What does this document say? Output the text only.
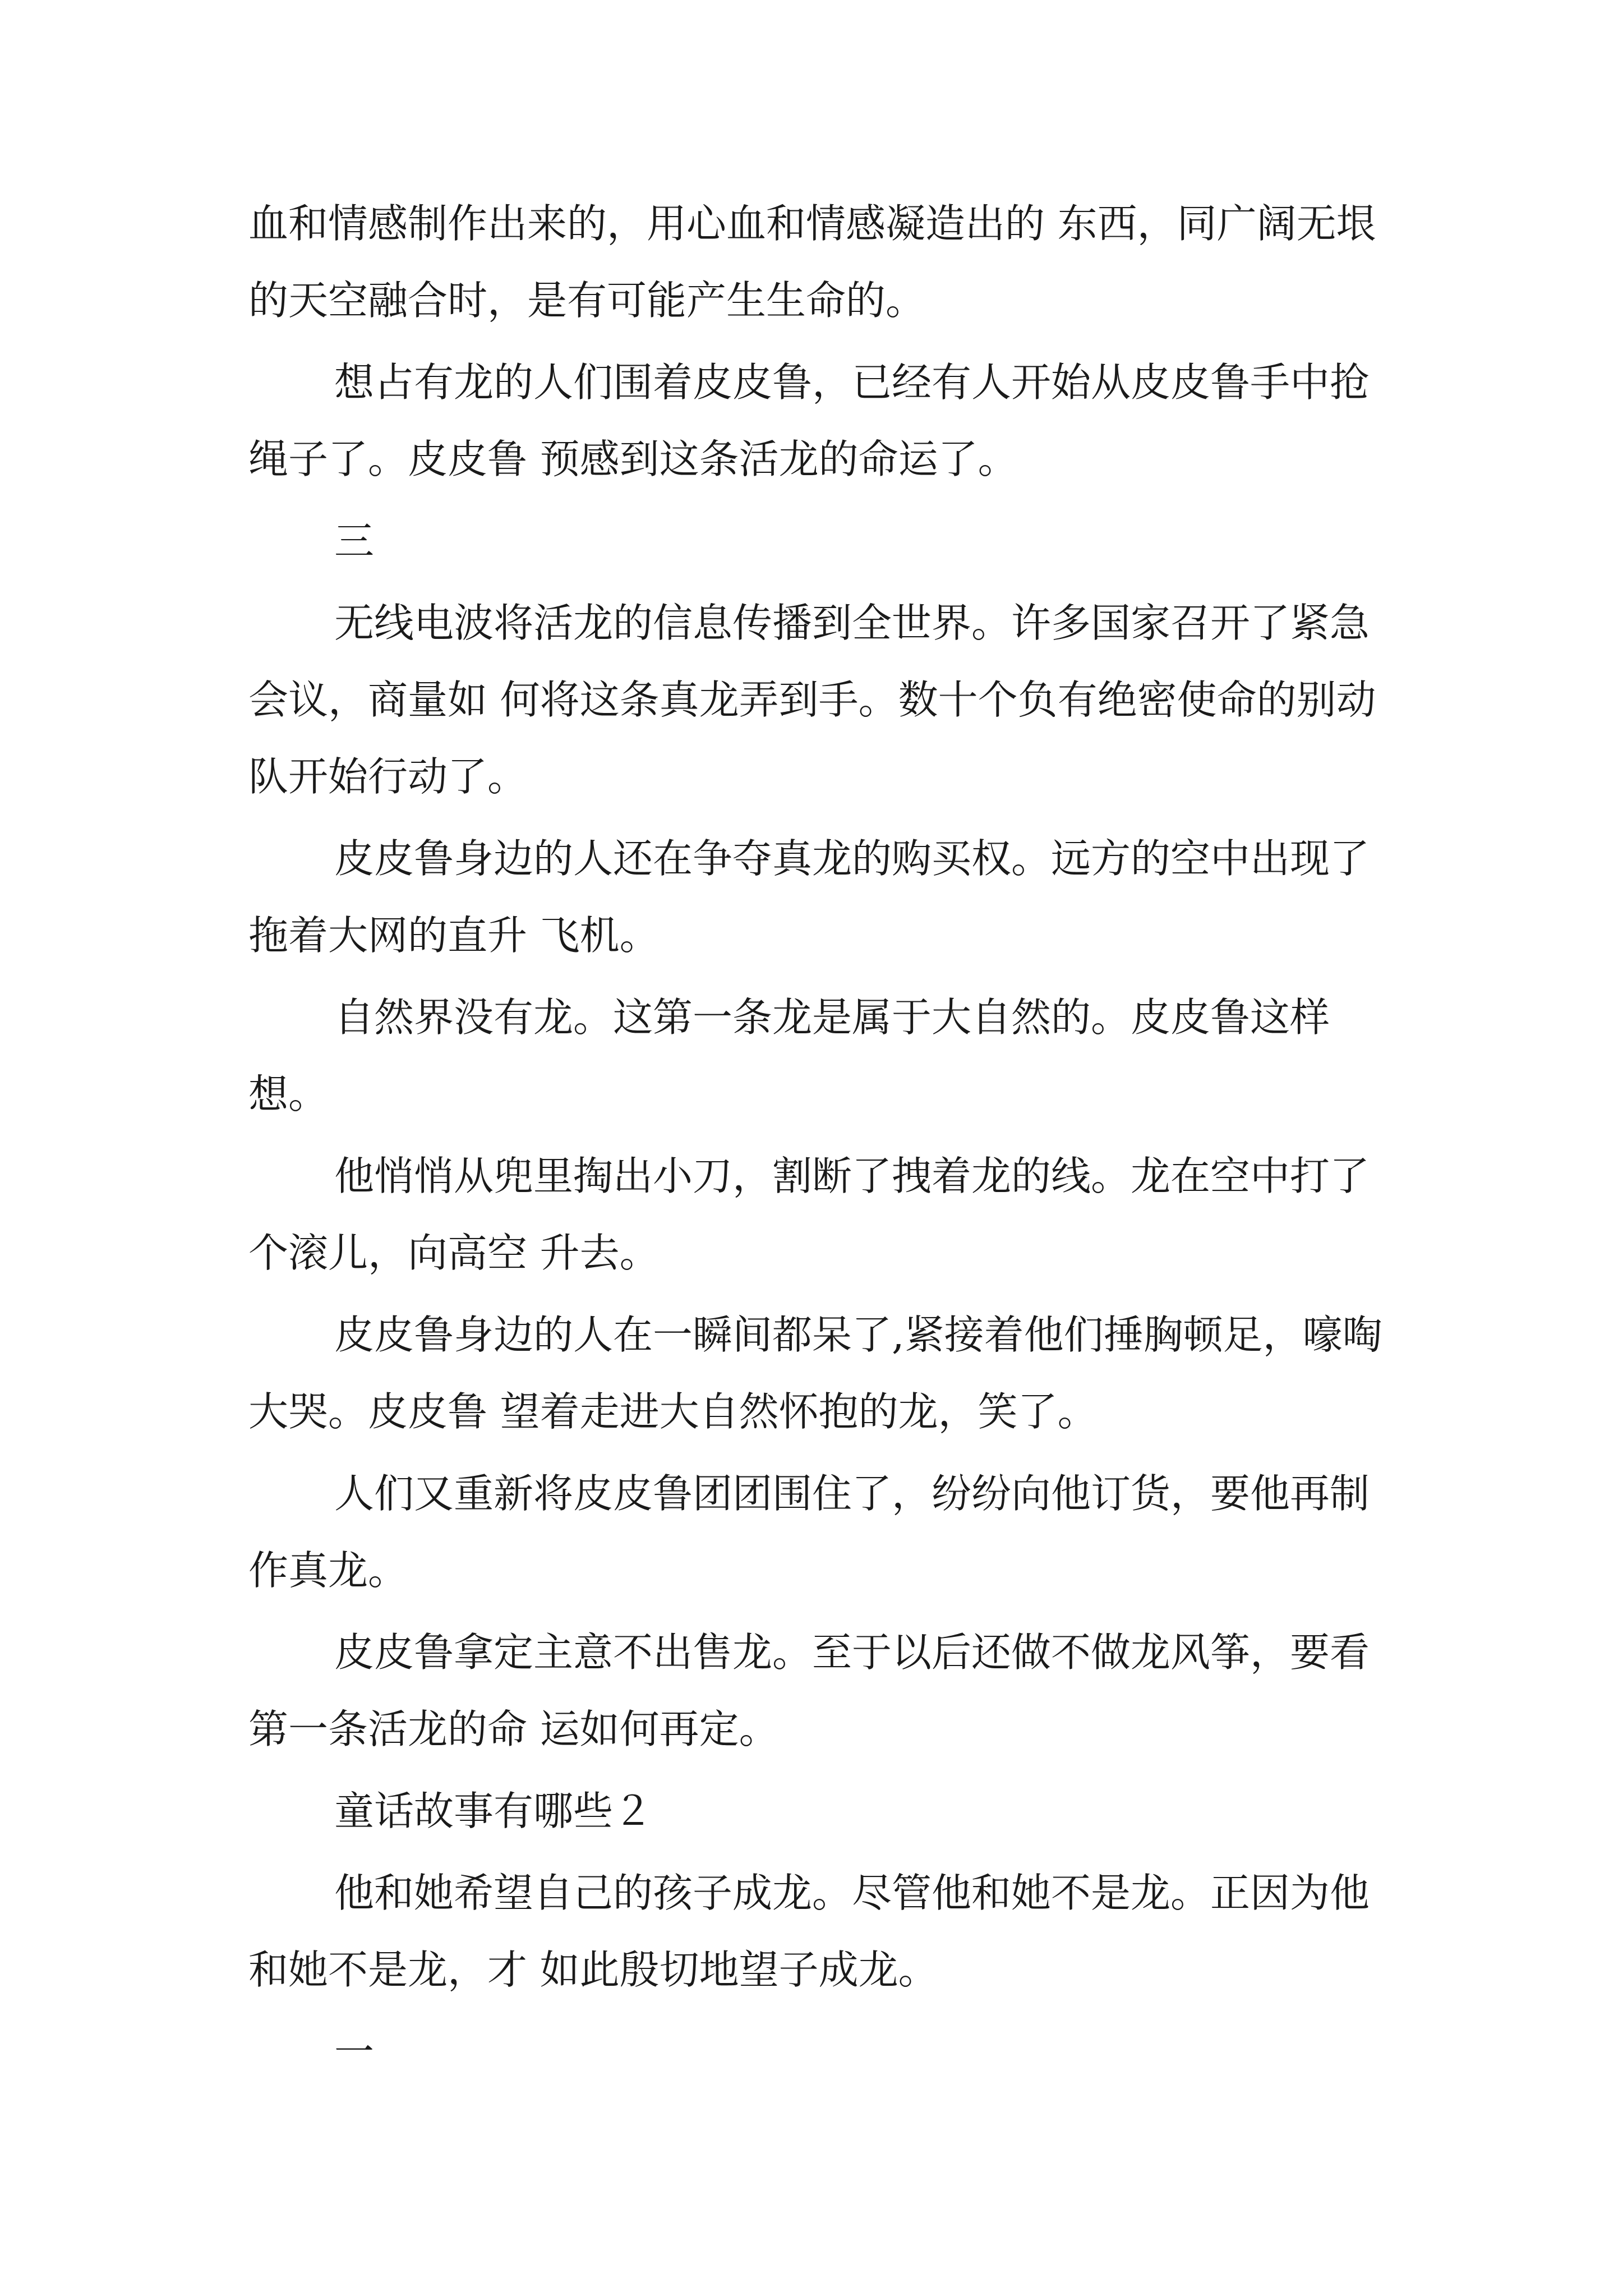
血和情感制作出来的，用心血和情感凝造出的 东西，同广阔无垠的天空融合时，是有可能产生生命的。

想占有龙的人们围着皮皮鲁，已经有人开始从皮皮鲁手中抢绳子了。皮皮鲁 预感到这条活龙的命运了。

三

无线电波将活龙的信息传播到全世界。许多国家召开了紧急会议，商量如 何将这条真龙弄到手。数十个负有绝密使命的别动队开始行动了。

皮皮鲁身边的人还在争夺真龙的购买权。远方的空中出现了拖着大网的直升 飞机。

自然界没有龙。这第一条龙是属于大自然的。皮皮鲁这样想。

他悄悄从兜里掏出小刀，割断了拽着龙的线。龙在空中打了个滚儿，向高空 升去。

皮皮鲁身边的人在一瞬间都呆了,紧接着他们捶胸顿足，嚎啕大哭。皮皮鲁 望着走进大自然怀抱的龙，笑了。

人们又重新将皮皮鲁团团围住了，纷纷向他订货，要他再制作真龙。

皮皮鲁拿定主意不出售龙。至于以后还做不做龙风筝，要看第一条活龙的命 运如何再定。

童话故事有哪些２

他和她希望自己的孩子成龙。尽管他和她不是龙。正因为他和她不是龙，才 如此殷切地望子成龙。

一
